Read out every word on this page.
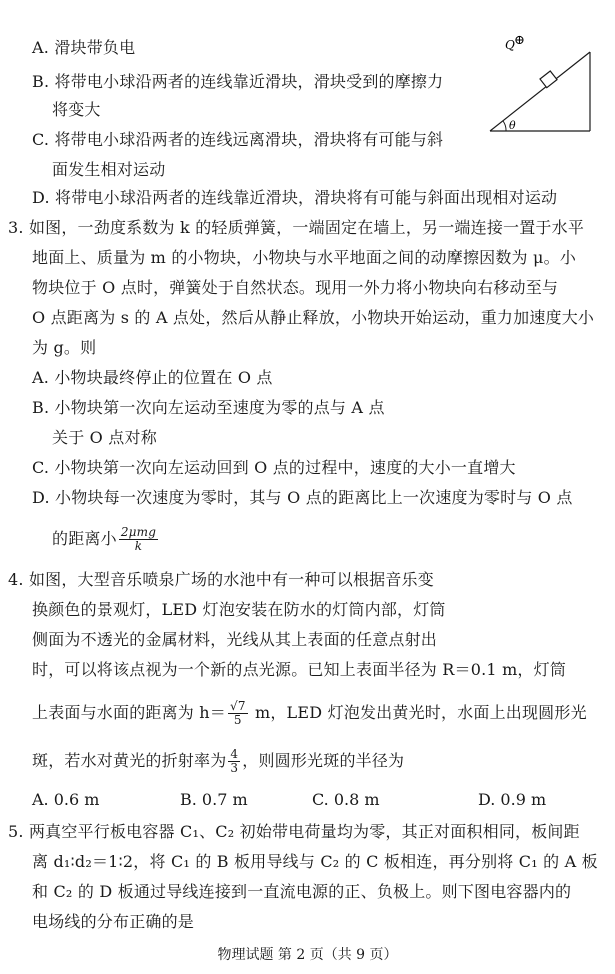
A. 滑块带负电
B. 将带电小球沿两者的连线靠近滑块，滑块受到的摩擦力
将变大
C. 将带电小球沿两者的连线远离滑块，滑块将有可能与斜
面发生相对运动
D. 将带电小球沿两者的连线靠近滑块，滑块将有可能与斜面出现相对运动
θ
Q ⊕
3. 如图，一劲度系数为 k 的轻质弹簧，一端固定在墙上，另一端连接一置于水平
地面上、质量为 m 的小物块，小物块与水平地面之间的动摩擦因数为 μ。小
物块位于 O 点时，弹簧处于自然状态。现用一外力将小物块向右移动至与
O 点距离为 s 的 A 点处，然后从静止释放，小物块开始运动，重力加速度大小
为 g。则
A. 小物块最终停止的位置在 O 点
B. 小物块第一次向左运动至速度为零的点与 A 点
关于 O 点对称
C. 小物块第一次向左运动回到 O 点的过程中，速度的大小一直增大
D. 小物块每一次速度为零时，其与 O 点的距离比上一次速度为零时与 O 点
的距离小 $\frac{\text{2μmg}}{k}$
4. 如图，大型音乐喷泉广场的水池中有一种可以根据音乐变
换颜色的景观灯，LED 灯泡安装在防水的灯筒内部，灯筒
侧面为不透光的金属材料，光线从其上表面的任意点射出
时，可以将该点视为一个新的点光源。已知上表面半径为 R＝0.1 m，灯筒
上表面与水面的距离为 $h= \frac{√7}{5}$ m，LED 灯泡发出黄光时，水面上出现圆形光
斑，若水对黄光的折射率为 $\frac{4}{3}$ ，则圆形光斑的半径为
A. 0.6 m	B. 0.7 m	C. 0.8 m	D. 0.9 m
5. 两真空平行板电容器 C₁、C₂ 初始带电荷量均为零，其正对面积相同，板间距
离 d₁∶d₂＝1∶2，将 C₁ 的 B 板用导线与 C₂ 的 C 板相连，再分别将 C₁ 的 A 板
和 C₂ 的 D 板通过导线连接到一直流电源的正、负极上。则下图电容器内的
电场线的分布正确的是
物理试题 第 2 页（共 9 页）
